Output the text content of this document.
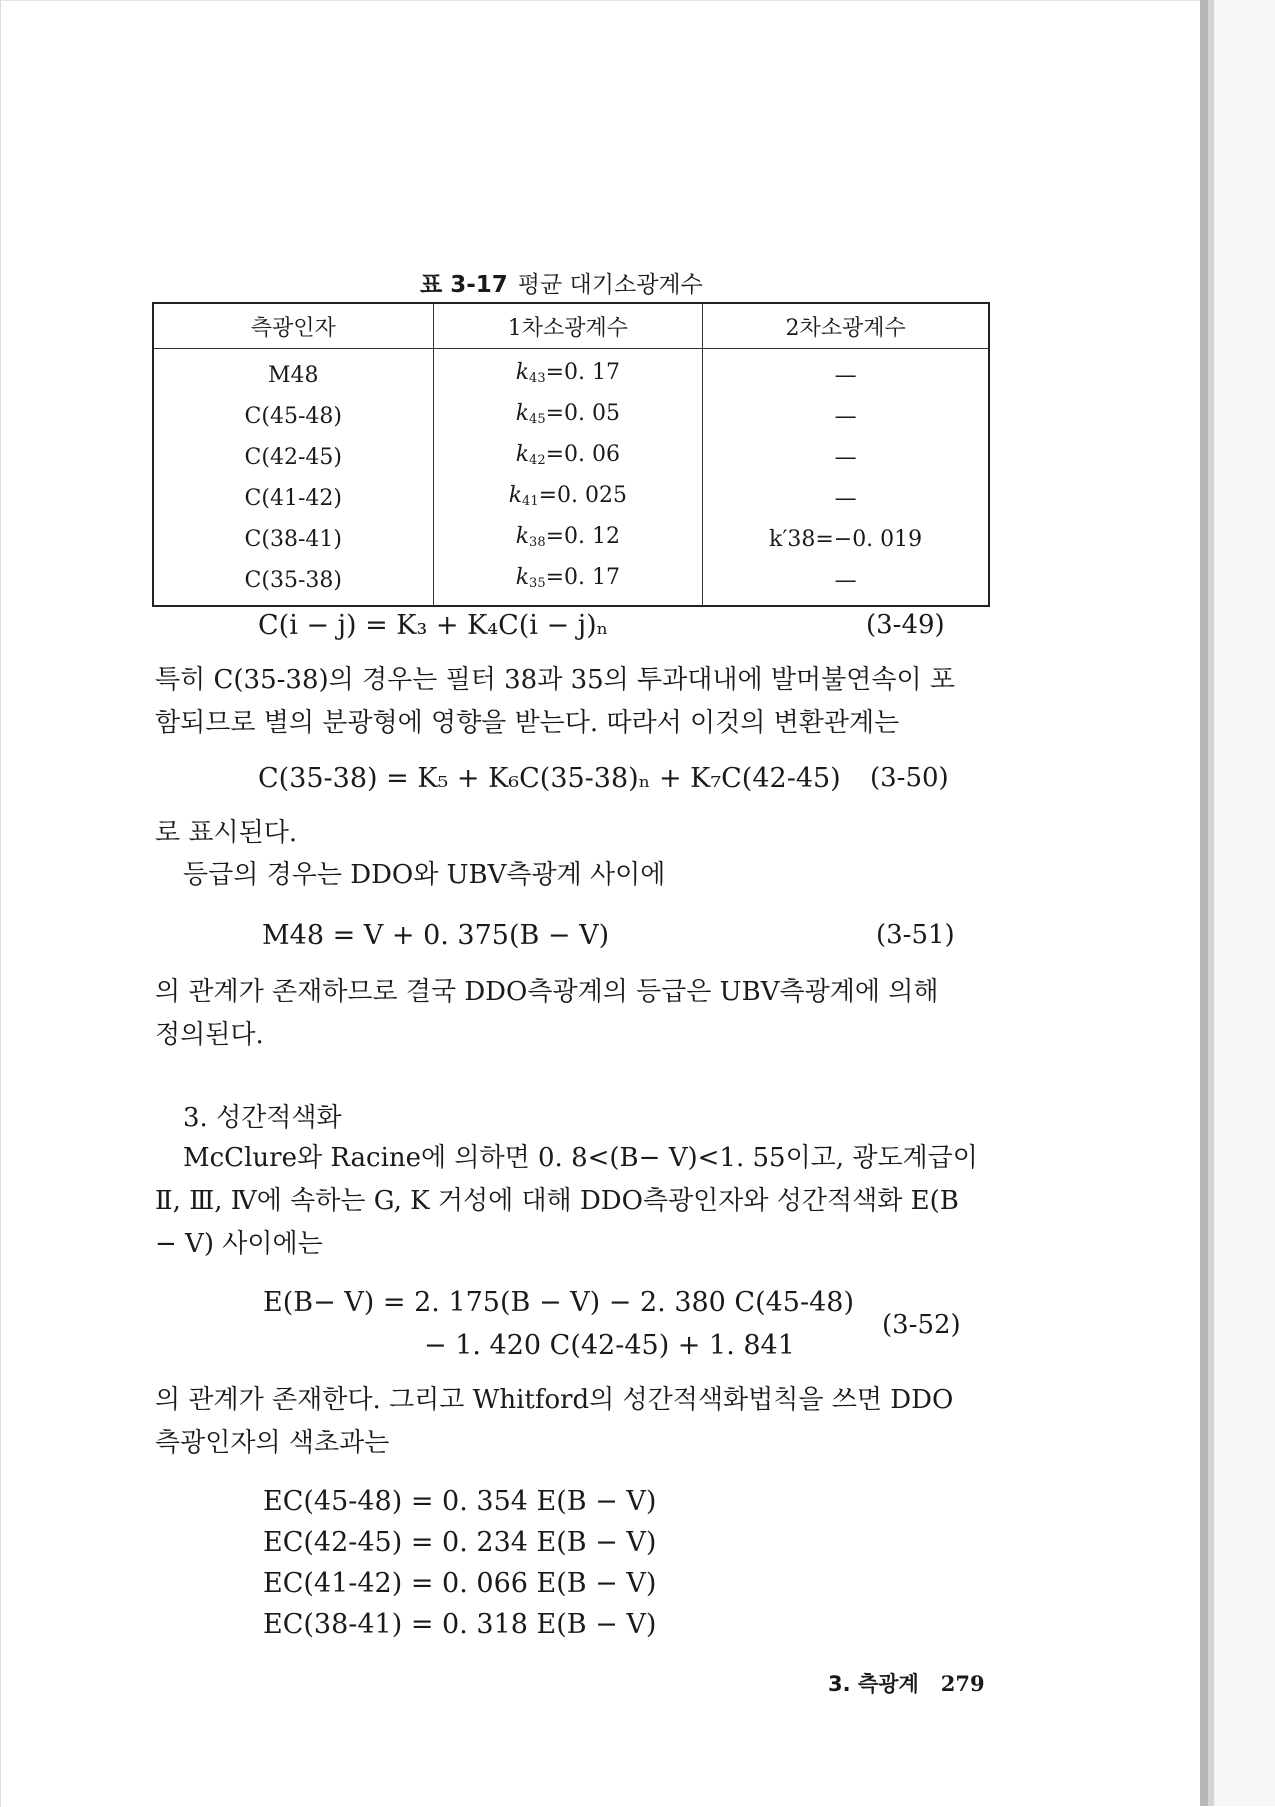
표 3-17 평균 대기소광계수
측광인자	1차소광계수	2차소광계수
M48	$k_{43}=0$. 17	—
C(45-48)	$k_{45}=0$. 05	—
C(42-45)	$k_{42}=0$. 06	—
C(41-42)	$k_{41}=0$. 025	—
C(38-41)	$k_{38}=0$. 12	k′38=−0. 019
C(35-38)	$k_{35}=0$. 17	—
C(i − j) = K₃ + K₄C(i − j)ₙ	(3-49)
특히 C(35-38)의 경우는 필터 38과 35의 투과대내에 발머불연속이 포
함되므로 별의 분광형에 영향을 받는다. 따라서 이것의 변환관계는
C(35-38) = K₅ + K₆C(35-38)ₙ + K₇C(42-45) (3-50)
로 표시된다.
등급의 경우는 DDO와 UBV측광계 사이에
M48 = V + 0. 375(B − V)	(3-51)
의 관계가 존재하므로 결국 DDO측광계의 등급은 UBV측광계에 의해
정의된다.
3. 성간적색화
McClure와 Racine에 의하면 0. 8<(B− V)<1. 55이고, 광도계급이
Ⅱ, Ⅲ, Ⅳ에 속하는 G, K 거성에 대해 DDO측광인자와 성간적색화 E(B
− V) 사이에는
E(B− V) = 2. 175(B − V) − 2. 380 C(45-48)
− 1. 420 C(42-45) + 1. 841
(3-52)
의 관계가 존재한다. 그리고 Whitford의 성간적색화법칙을 쓰면 DDO
측광인자의 색초과는
EC(45-48) = 0. 354 E(B − V)
EC(42-45) = 0. 234 E(B − V)
EC(41-42) = 0. 066 E(B − V)
EC(38-41) = 0. 318 E(B − V)
3. 측광계 279
